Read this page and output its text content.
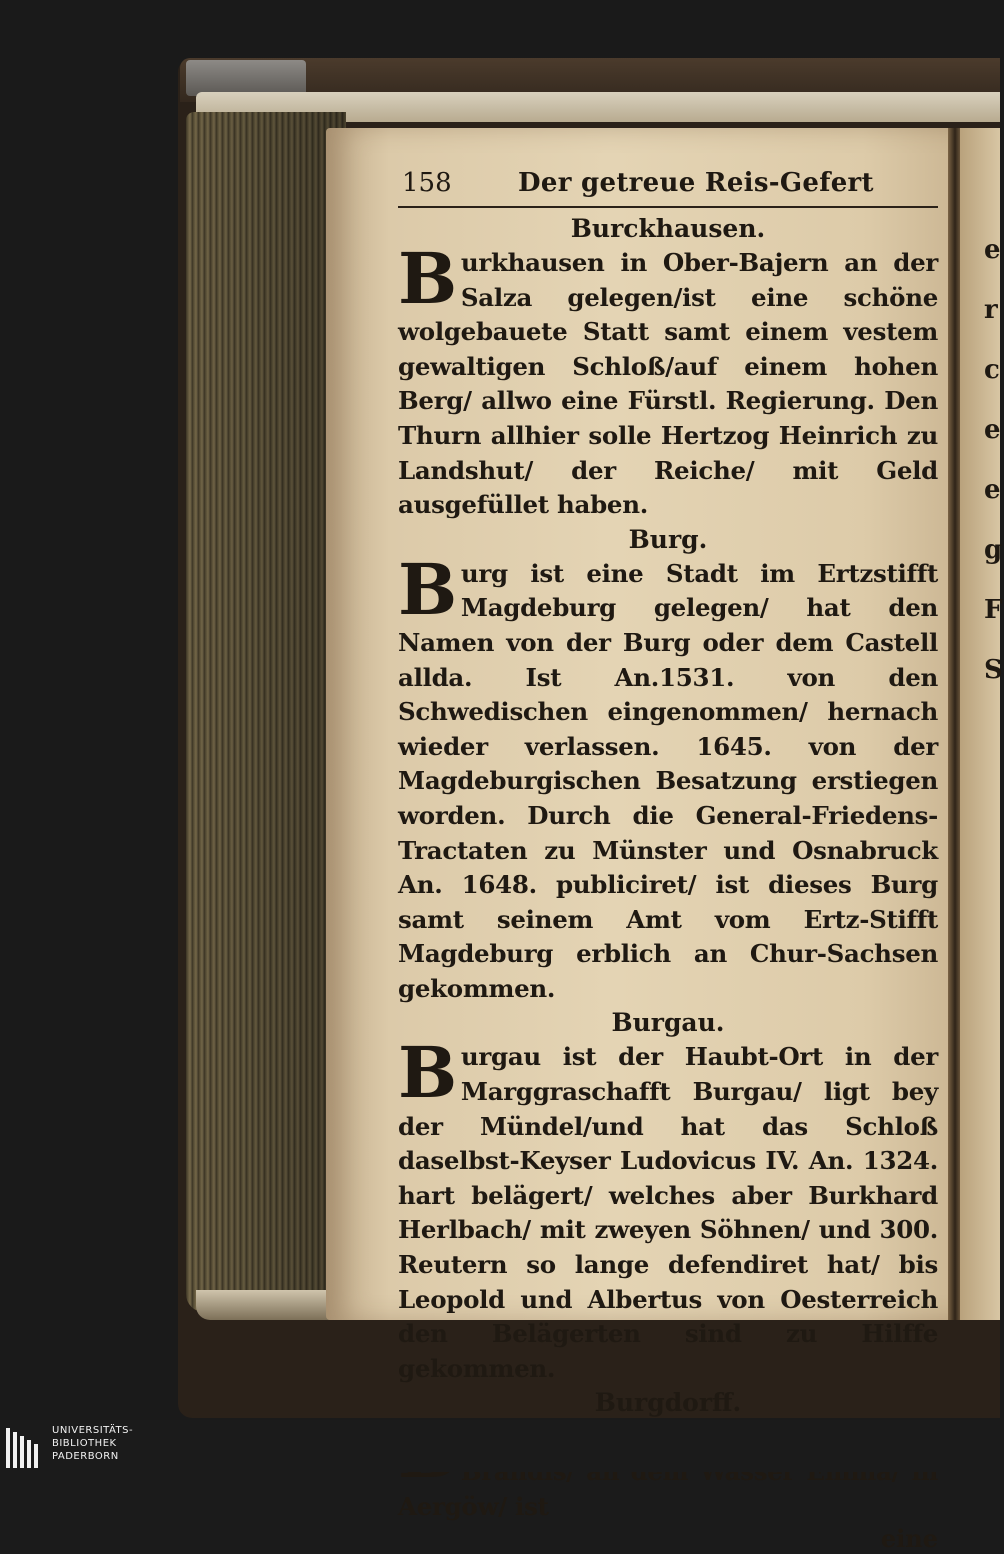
158	Der getreue Reis-Gefert
Burckhausen.
B urkhausen in Ober-Bajern an der Salza gelegen/ist eine schöne wolgebauete Statt samt einem vestem gewaltigen Schloß/auf einem hohen Berg/ allwo eine Fürstl. Regierung. Den Thurn allhier solle Hertzog Heinrich zu Landshut/ der Reiche/ mit Geld ausgefüllet haben.
Burg.
B urg ist eine Stadt im Ertzstifft Magdeburg gelegen/ hat den Namen von der Burg oder dem Castell allda. Ist An.1531. von den Schwedischen eingenommen/ hernach wieder verlassen. 1645. von der Magdeburgischen Besatzung erstiegen worden. Durch die General-Friedens-Tractaten zu Münster und Osnabruck An. 1648. publiciret/ ist dieses Burg samt seinem Amt vom Ertz-Stifft Magdeburg erblich an Chur-Sachsen gekommen.
Burgau.
B urgau ist der Haubt-Ort in der Marggraschafft Burgau/ ligt bey der Mündel/und hat das Schloß daselbst-Keyser Ludovicus IV. An. 1324. hart belägert/ welches aber Burkhard Herlbach/ mit zweyen Söhnen/ und 300. Reutern so lange defendiret hat/ bis Leopold und Albertus von Oesterreich den Belägerten sind zu Hilffe gekommen.
Burgdorff.
Aergöw/ ist
eine
e r c e e g F S
UNIVERSITÄTS-
BIBLIOTHEK
PADERBORN
